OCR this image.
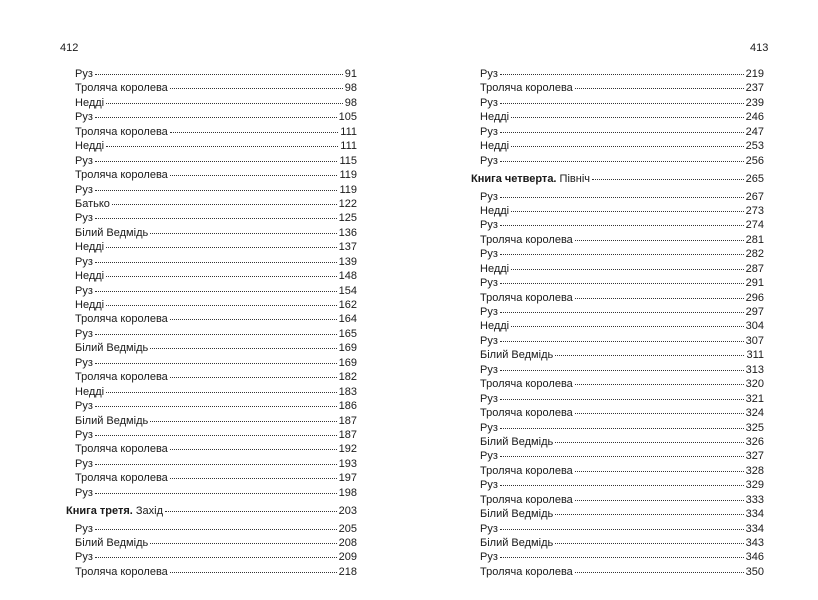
412
Руз	91
Троляча королева	98
Недді	98
Руз	105
Троляча королева	111
Недді	111
Руз	115
Троляча королева	119
Руз	119
Батько	122
Руз	125
Білий Ведмідь	136
Недді	137
Руз	139
Недді	148
Руз	154
Недді	162
Троляча королева	164
Руз	165
Білий Ведмідь	169
Руз	169
Троляча королева	182
Недді	183
Руз	186
Білий Ведмідь	187
Руз	187
Троляча королева	192
Руз	193
Троляча королева	197
Руз	198
Книга третя. Захід	203
Руз	205
Білий Ведмідь	208
Руз	209
Троляча королева	218
413
Руз	219
Троляча королева	237
Руз	239
Недді	246
Руз	247
Недді	253
Руз	256
Книга четверта. Північ	265
Руз	267
Недді	273
Руз	274
Троляча королева	281
Руз	282
Недді	287
Руз	291
Троляча королева	296
Руз	297
Недді	304
Руз	307
Білий Ведмідь	311
Руз	313
Троляча королева	320
Руз	321
Троляча королева	324
Руз	325
Білий Ведмідь	326
Руз	327
Троляча королева	328
Руз	329
Троляча королева	333
Білий Ведмідь	334
Руз	334
Білий Ведмідь	343
Руз	346
Троляча королева	350
